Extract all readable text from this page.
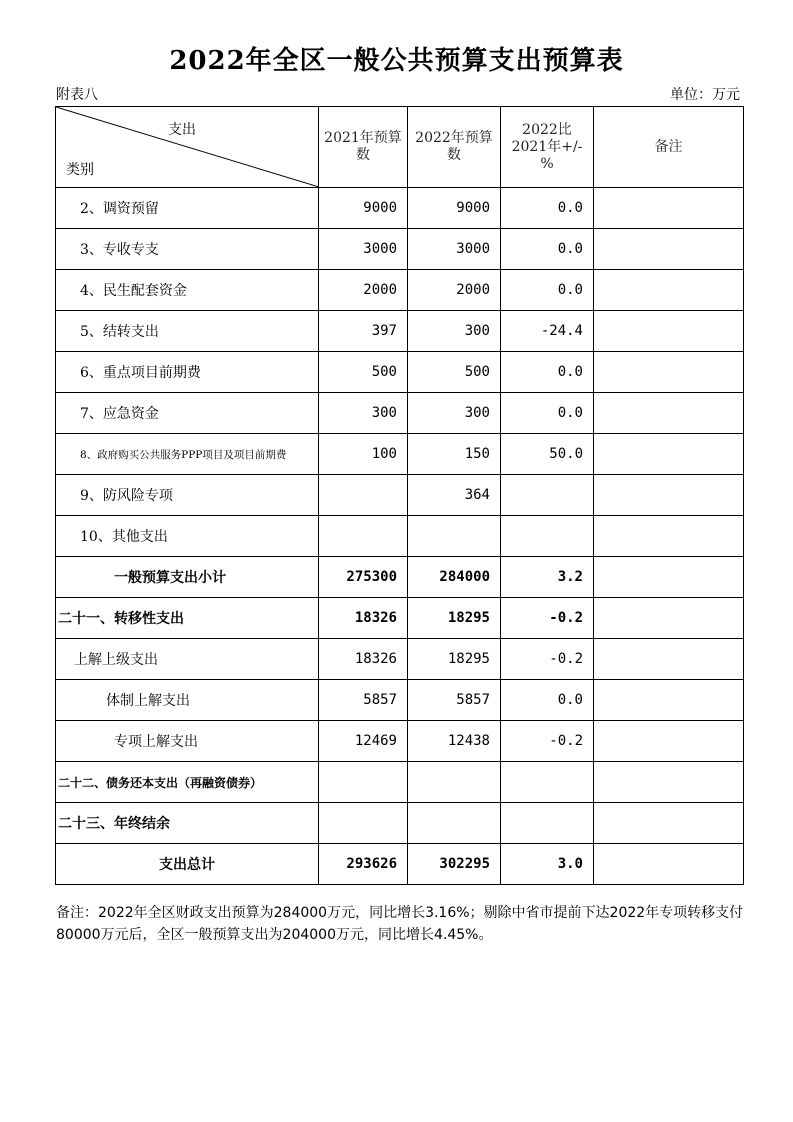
2022年全区一般公共预算支出预算表
附表八	单位：万元
支出
类别	2021年预算数	2022年预算数	2022比2021年+/-%	备注
2、调资预留	9000	9000	0.0	
3、专收专支	3000	3000	0.0	
4、民生配套资金	2000	2000	0.0	
5、结转支出	397	300	-24.4	
6、重点项目前期费	500	500	0.0	
7、应急资金	300	300	0.0	
8、政府购买公共服务PPP项目及项目前期费	100	150	50.0	
9、防风险专项		364		
10、其他支出				
一般预算支出小计	275300	284000	3.2	
二十一、转移性支出	18326	18295	-0.2	
上解上级支出	18326	18295	-0.2	
体制上解支出	5857	5857	0.0	
专项上解支出	12469	12438	-0.2	
二十二、债务还本支出（再融资债券）				
二十三、年终结余				
支出总计	293626	302295	3.0	
备注：2022年全区财政支出预算为284000万元，同比增长3.16%；剔除中省市提前下达2022年专项转移支付80000万元后，全区一般预算支出为204000万元，同比增长4.45%。
